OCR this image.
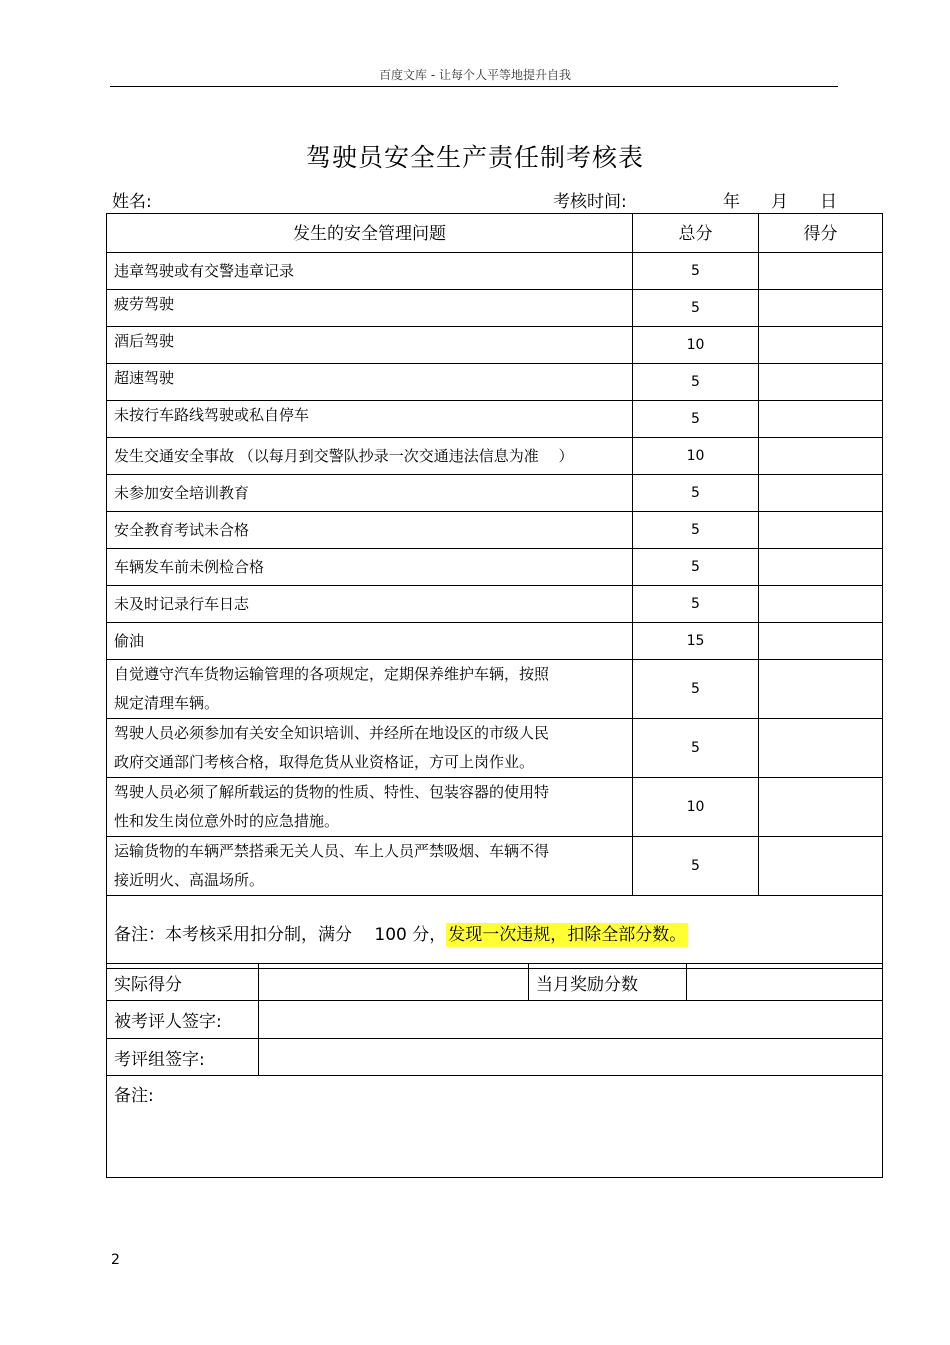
百度文库 - 让每个人平等地提升自我
驾驶员安全生产责任制考核表
姓名:	考核时间:	年 月 日
发生的安全管理问题	总分	得分
违章驾驶或有交警违章记录	5	
疲劳驾驶	5	
酒后驾驶	10	
超速驾驶	5	
未按行车路线驾驶或私自停车	5	
发生交通安全事故 （以每月到交警队抄录一次交通违法信息为准　 ）	10	
未参加安全培训教育	5	
安全教育考试未合格	5	
车辆发车前未例检合格	5	
未及时记录行车日志	5	
偷油	15	

自觉遵守汽车货物运输管理的各项规定，定期保养维护车辆，按照
规定清理车辆。	5	

驾驶人员必须参加有关安全知识培训、并经所在地设区的市级人民
政府交通部门考核合格，取得危货从业资格证，方可上岗作业。	5	

驾驶人员必须了解所载运的货物的性质、特性、包装容器的使用特
性和发生岗位意外时的应急措施。	10	

运输货物的车辆严禁搭乘无关人员、车上人员严禁吸烟、车辆不得
接近明火、高温场所。	5	
备注：本考核采用扣分制，满分　 100 分， 发现一次违规，扣除全部分数。		
实际得分		当月奖励分数	
被考评人签字:	
考评组签字:	
备注:	
2
